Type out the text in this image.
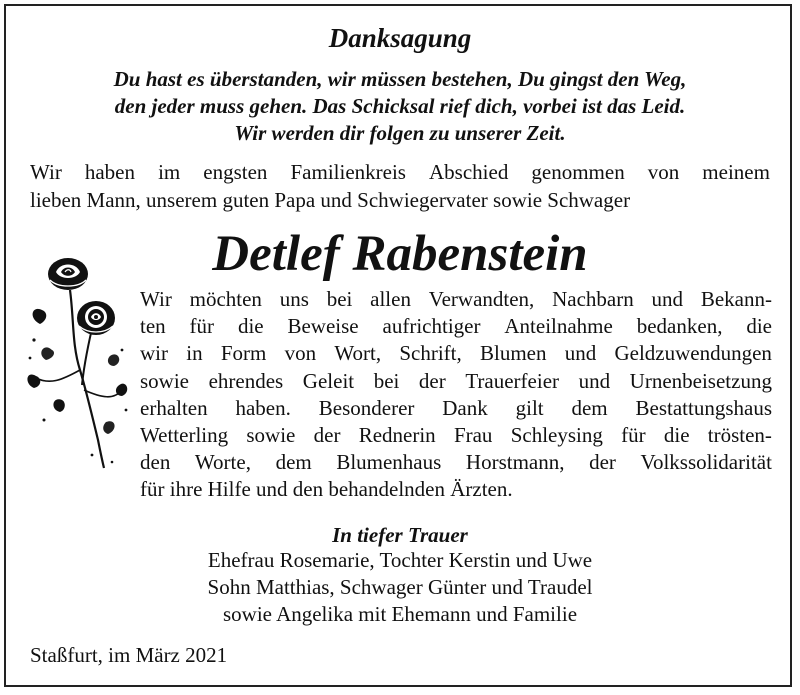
Danksagung
Du hast es überstanden, wir müssen bestehen, Du gingst den Weg,
den jeder muss gehen. Das Schicksal rief dich, vorbei ist das Leid.
Wir werden dir folgen zu unserer Zeit.
Wir haben im engsten Familienkreis Abschied genommen von meinem
lieben Mann, unserem guten Papa und Schwiegervater sowie Schwager
Detlef Rabenstein
Wir möchten uns bei allen Verwandten, Nachbarn und Bekann-
ten für die Beweise aufrichtiger Anteilnahme bedanken, die
wir in Form von Wort, Schrift, Blumen und Geldzuwendungen
sowie ehrendes Geleit bei der Trauerfeier und Urnenbeisetzung
erhalten haben. Besonderer Dank gilt dem Bestattungshaus
Wetterling sowie der Rednerin Frau Schleysing für die trösten-
den Worte, dem Blumenhaus Horstmann, der Volkssolidarität
für ihre Hilfe und den behandelnden Ärzten.
In tiefer Trauer
Ehefrau Rosemarie, Tochter Kerstin und Uwe
Sohn Matthias, Schwager Günter und Traudel
sowie Angelika mit Ehemann und Familie
Staßfurt, im März 2021
